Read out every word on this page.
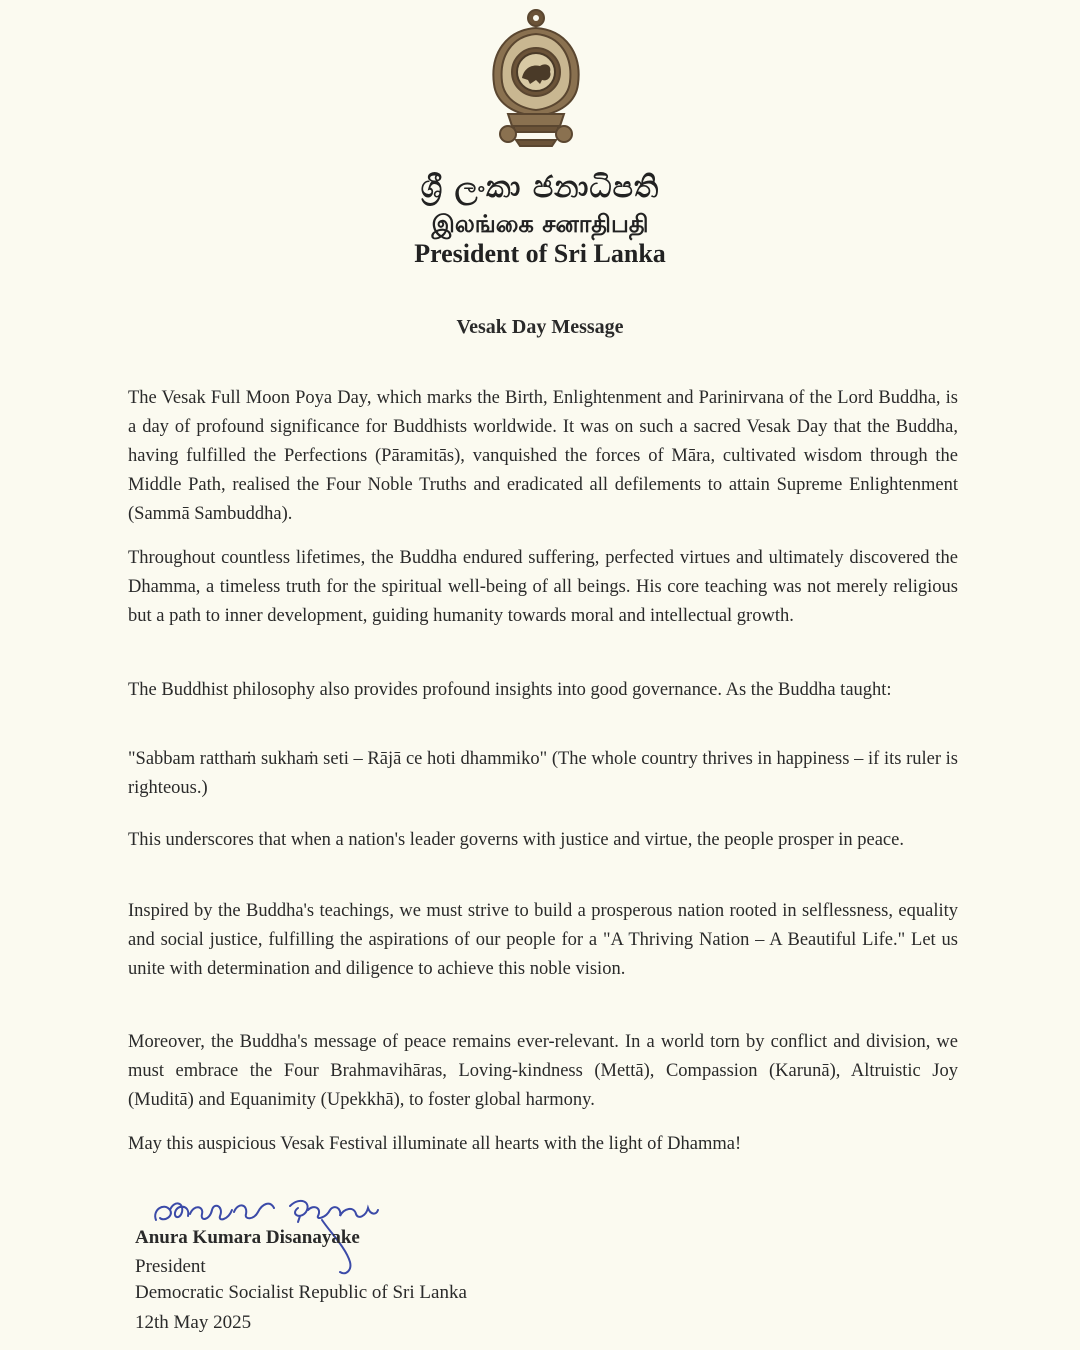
ශ්‍රී ලංකා ජනාධිපති
இலங்கை சனாதிபதி
President of Sri Lanka
Vesak Day Message
The Vesak Full Moon Poya Day, which marks the Birth, Enlightenment and Parinirvana of the Lord Buddha, is a day of profound significance for Buddhists worldwide. It was on such a sacred Vesak Day that the Buddha, having fulfilled the Perfections (Pāramitās), vanquished the forces of Māra, cultivated wisdom through the Middle Path, realised the Four Noble Truths and eradicated all defilements to attain Supreme Enlightenment (Sammā Sambuddha).
Throughout countless lifetimes, the Buddha endured suffering, perfected virtues and ultimately discovered the Dhamma, a timeless truth for the spiritual well-being of all beings. His core teaching was not merely religious but a path to inner development, guiding humanity towards moral and intellectual growth.
The Buddhist philosophy also provides profound insights into good governance. As the Buddha taught:
"Sabbam ratthaṁ sukhaṁ seti – Rājā ce hoti dhammiko" (The whole country thrives in happiness – if its ruler is righteous.)
This underscores that when a nation's leader governs with justice and virtue, the people prosper in peace.
Inspired by the Buddha's teachings, we must strive to build a prosperous nation rooted in selflessness, equality and social justice, fulfilling the aspirations of our people for a "A Thriving Nation – A Beautiful Life." Let us unite with determination and diligence to achieve this noble vision.
Moreover, the Buddha's message of peace remains ever-relevant. In a world torn by conflict and division, we must embrace the Four Brahmavihāras, Loving-kindness (Mettā), Compassion (Karunā), Altruistic Joy (Muditā) and Equanimity (Upekkhā), to foster global harmony.
May this auspicious Vesak Festival illuminate all hearts with the light of Dhamma!
Anura Kumara Disanayake
President
Democratic Socialist Republic of Sri Lanka
12th May 2025
